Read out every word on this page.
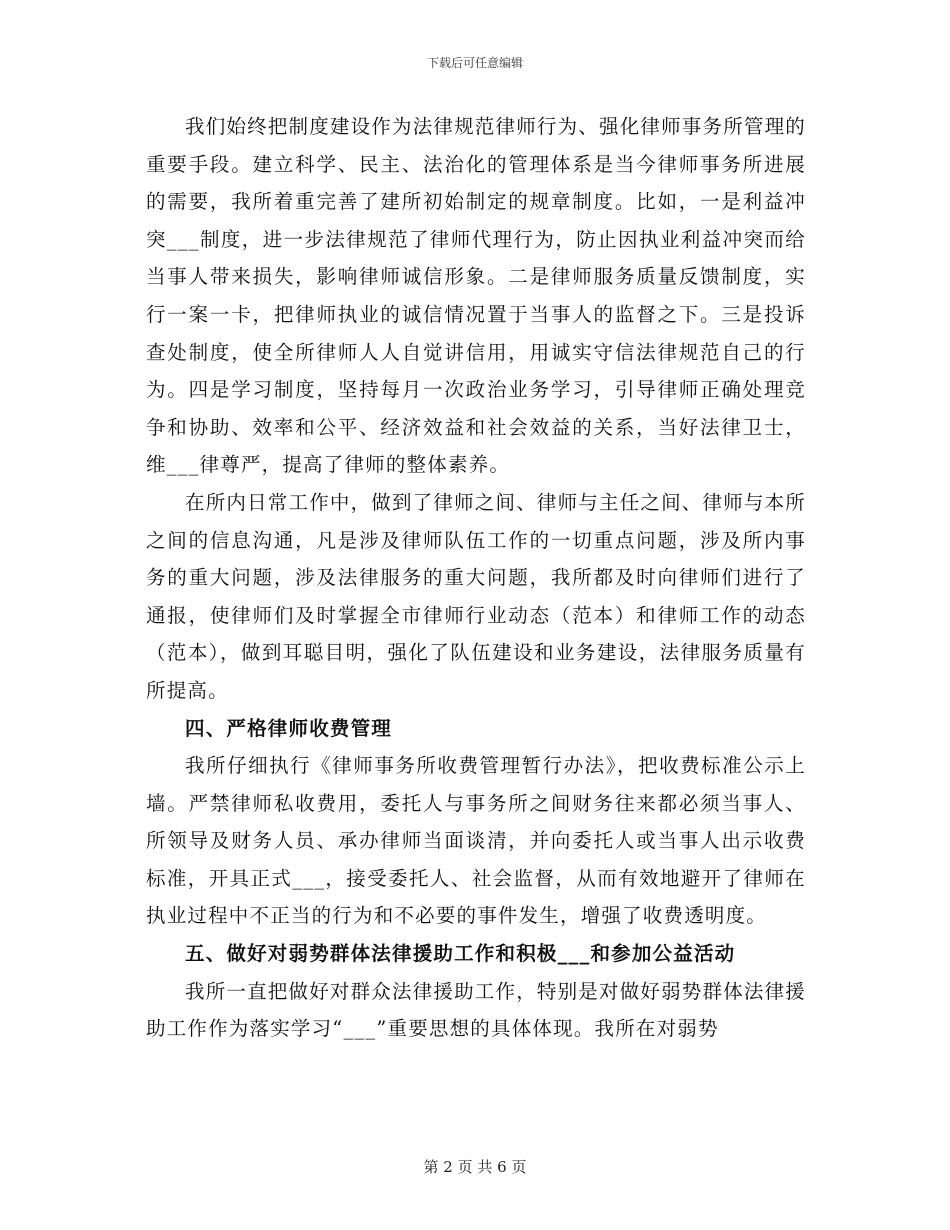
下载后可任意编辑

我们始终把制度建设作为法律规范律师行为、强化律师事务所管理的重要手段。建立科学、民主、法治化的管理体系是当今律师事务所进展的需要，我所着重完善了建所初始制定的规章制度。比如，一是利益冲突___制度，进一步法律规范了律师代理行为，防止因执业利益冲突而给当事人带来损失，影响律师诚信形象。二是律师服务质量反馈制度，实行一案一卡，把律师执业的诚信情况置于当事人的监督之下。三是投诉查处制度，使全所律师人人自觉讲信用，用诚实守信法律规范自己的行为。四是学习制度，坚持每月一次政治业务学习，引导律师正确处理竞争和协助、效率和公平、经济效益和社会效益的关系，当好法律卫士，维___律尊严，提高了律师的整体素养。

在所内日常工作中，做到了律师之间、律师与主任之间、律师与本所之间的信息沟通，凡是涉及律师队伍工作的一切重点问题，涉及所内事务的重大问题，涉及法律服务的重大问题，我所都及时向律师们进行了通报，使律师们及时掌握全市律师行业动态（范本）和律师工作的动态（范本），做到耳聪目明，强化了队伍建设和业务建设，法律服务质量有所提高。

四、严格律师收费管理

我所仔细执行《律师事务所收费管理暂行办法》，把收费标准公示上墙。严禁律师私收费用，委托人与事务所之间财务往来都必须当事人、所领导及财务人员、承办律师当面谈清，并向委托人或当事人出示收费标准，开具正式___，接受委托人、社会监督，从而有效地避开了律师在执业过程中不正当的行为和不必要的事件发生，增强了收费透明度。

五、做好对弱势群体法律援助工作和积极___和参加公益活动

我所一直把做好对群众法律援助工作，特别是对做好弱势群体法律援助工作作为落实学习“___”重要思想的具体体现。我所在对弱势

第 2 页 共 6 页
